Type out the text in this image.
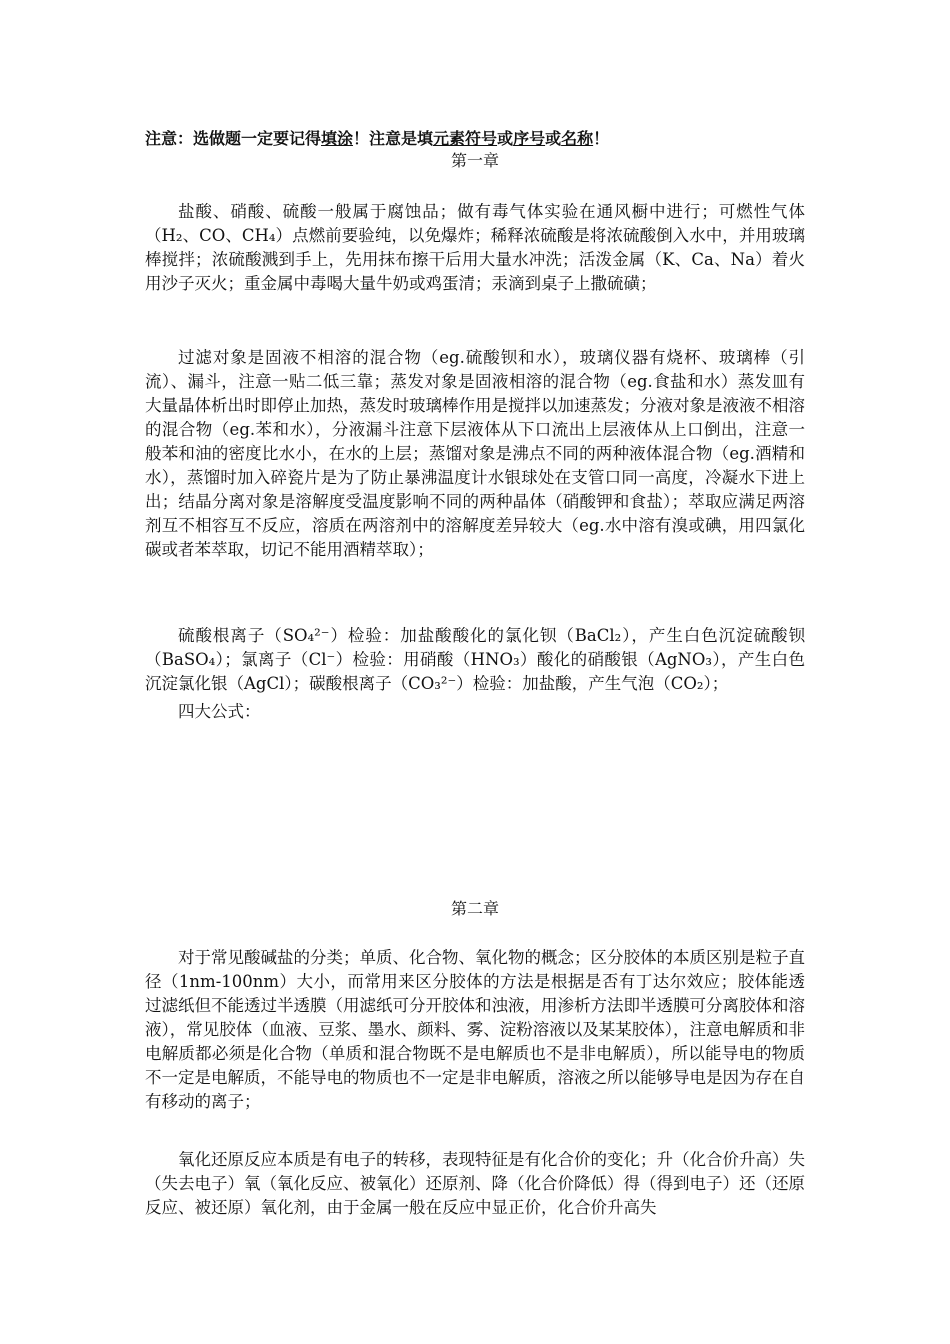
注意：选做题一定要记得填涂！注意是填元素符号或序号或名称！
第一章

盐酸、硝酸、硫酸一般属于腐蚀品；做有毒气体实验在通风橱中进行；可燃性气体（H₂、CO、CH₄）点燃前要验纯，以免爆炸；稀释浓硫酸是将浓硫酸倒入水中，并用玻璃棒搅拌；浓硫酸溅到手上，先用抹布擦干后用大量水冲洗；活泼金属（K、Ca、Na）着火用沙子灭火；重金属中毒喝大量牛奶或鸡蛋清；汞滴到桌子上撒硫磺；

过滤对象是固液不相溶的混合物（eg.硫酸钡和水），玻璃仪器有烧杯、玻璃棒（引流）、漏斗，注意一贴二低三靠；蒸发对象是固液相溶的混合物（eg.食盐和水）蒸发皿有大量晶体析出时即停止加热，蒸发时玻璃棒作用是搅拌以加速蒸发；分液对象是液液不相溶的混合物（eg.苯和水），分液漏斗注意下层液体从下口流出上层液体从上口倒出，注意一般苯和油的密度比水小，在水的上层；蒸馏对象是沸点不同的两种液体混合物（eg.酒精和水），蒸馏时加入碎瓷片是为了防止暴沸温度计水银球处在支管口同一高度，冷凝水下进上出；结晶分离对象是溶解度受温度影响不同的两种晶体（硝酸钾和食盐）；萃取应满足两溶剂互不相容互不反应，溶质在两溶剂中的溶解度差异较大（eg.水中溶有溴或碘，用四氯化碳或者苯萃取，切记不能用酒精萃取）；

硫酸根离子（SO₄²⁻）检验：加盐酸酸化的氯化钡（BaCl₂），产生白色沉淀硫酸钡（BaSO₄）；氯离子（Cl⁻）检验：用硝酸（HNO₃）酸化的硝酸银（AgNO₃），产生白色沉淀氯化银（AgCl）；碳酸根离子（CO₃²⁻）检验：加盐酸，产生气泡（CO₂）；

四大公式：

第二章

对于常见酸碱盐的分类；单质、化合物、氧化物的概念；区分胶体的本质区别是粒子直径（1nm-100nm）大小，而常用来区分胶体的方法是根据是否有丁达尔效应；胶体能透过滤纸但不能透过半透膜（用滤纸可分开胶体和浊液，用渗析方法即半透膜可分离胶体和溶液），常见胶体（血液、豆浆、墨水、颜料、雾、淀粉溶液以及某某胶体），注意电解质和非电解质都必须是化合物（单质和混合物既不是电解质也不是非电解质），所以能导电的物质不一定是电解质，不能导电的物质也不一定是非电解质，溶液之所以能够导电是因为存在自有移动的离子；

氧化还原反应本质是有电子的转移，表现特征是有化合价的变化；升（化合价升高）失（失去电子）氧（氧化反应、被氧化）还原剂、降（化合价降低）得（得到电子）还（还原反应、被还原）氧化剂，由于金属一般在反应中显正价，化合价升高失
